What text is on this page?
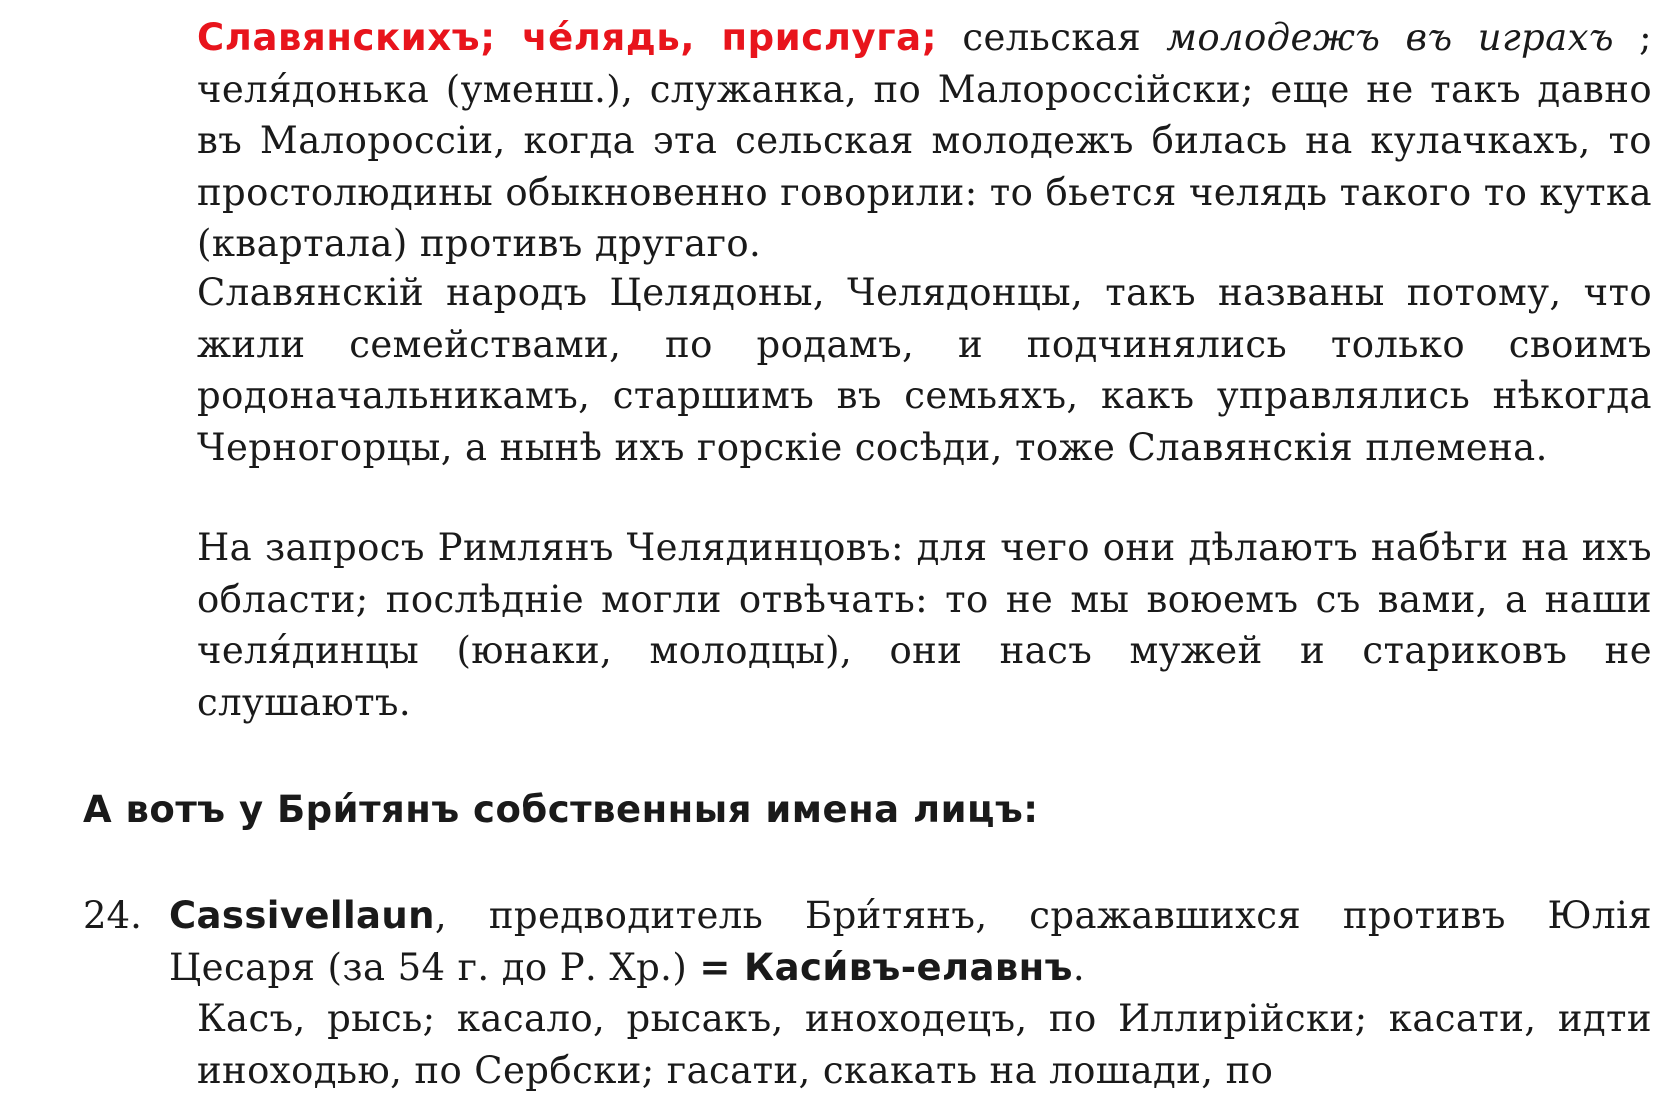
Славянскихъ; че́лядь, прислуга; сельская молодежъ въ играхъ ; челя́донька (уменш.), служанка, по Малороссійски; еще не такъ давно въ Малороссіи, когда эта сельская молодежъ билась на кулачкахъ, то простолюдины обыкновенно говорили: то бьется челядь такого то кутка (квартала) противъ другаго.

Славянскій народъ Целядоны, Челядонцы, такъ названы потому, что жили семействами, по родамъ, и подчинялись только своимъ родоначальникамъ, старшимъ въ семьяхъ, какъ управлялись нѣкогда Черногорцы, а нынѣ ихъ горскіе сосѣди, тоже Славянскія племена.

На запросъ Римлянъ Челядинцовъ: для чего они дѣлаютъ набѣги на ихъ области; послѣдніе могли отвѣчать: то не мы воюемъ съ вами, а наши челя́динцы (юнаки, молодцы), они насъ мужей и стариковъ не слушаютъ.

А вотъ у Бри́тянъ собственныя имена лицъ:

24. Cassivellaun, предводитель Бри́тянъ, сражавшихся противъ Юлія Цесаря (за 54 г. до Р. Хр.) = Каси́въ-елавнъ.

Касъ, рысь; касало, рысакъ, иноходецъ, по Иллирійски; касати, идти иноходью, по Сербски; гасати, скакать на лошади, по
